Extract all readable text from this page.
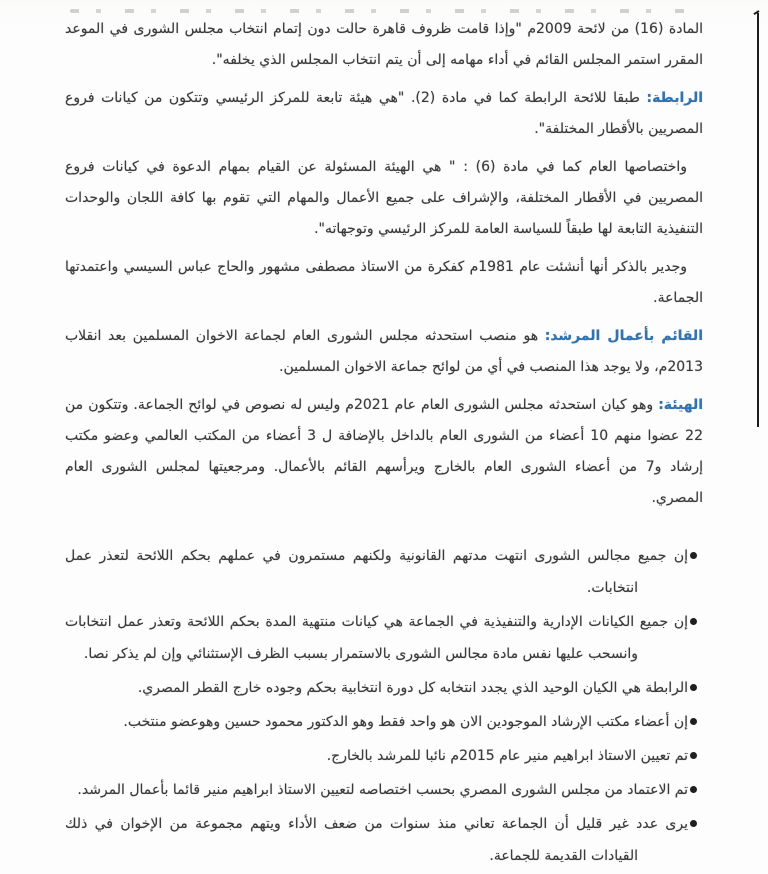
المادة (16) من لائحة 2009م "وإذا قامت ظروف قاهرة حالت دون إتمام انتخاب مجلس الشورى في الموعد المقرر استمر المجلس القائم في أداء مهامه إلى أن يتم انتخاب المجلس الذي يخلفه".

الرابطة:طبقا للائحة الرابطة كما في مادة (2). "هي هيئة تابعة للمركز الرئيسي وتتكون من كيانات فروع المصريين بالأقطار المختلفة".

واختصاصها العام كما في مادة (6) : " هي الهيئة المسئولة عن القيام بمهام الدعوة في كيانات فروع المصريين في الأقطار المختلفة، والإشراف على جميع الأعمال والمهام التي تقوم بها كافة اللجان والوحدات التنفيذية التابعة لها طبقاً للسياسة العامة للمركز الرئيسي وتوجهاته".

وجدير بالذكر أنها أنشئت عام 1981م كفكرة من الاستاذ مصطفى مشهور والحاج عباس السيسي واعتمدتها الجماعة.

القائم بأعمال المرشد:هو منصب استحدثه مجلس الشورى العام لجماعة الاخوان المسلمين بعد انقلاب 2013م، ولا يوجد هذا المنصب في أي من لوائح جماعة الاخوان المسلمين.

الهيئة:وهو كيان استحدثه مجلس الشورى العام عام 2021م وليس له نصوص في لوائح الجماعة. وتتكون من 22 عضوا منهم 10 أعضاء من الشورى العام بالداخل بالإضافة ل 3 أعضاء من المكتب العالمي وعضو مكتب إرشاد و7 من أعضاء الشورى العام بالخارج ويرأسهم القائم بالأعمال. ومرجعيتها لمجلس الشورى العام المصري.

إن جميع مجالس الشورى انتهت مدتهم القانونية ولكنهم مستمرون في عملهم بحكم اللائحة لتعذر عمل انتخابات.
إن جميع الكيانات الإدارية والتنفيذية في الجماعة هي كيانات منتهية المدة بحكم اللائحة وتعذر عمل انتخابات وانسحب عليها نفس مادة مجالس الشورى بالاستمرار بسبب الظرف الإستثنائي وإن لم يذكر نصا.
الرابطة هي الكيان الوحيد الذي يجدد انتخابه كل دورة انتخابية بحكم وجوده خارج القطر المصري.
إن أعضاء مكتب الإرشاد الموجودين الان هو واحد فقط وهو الدكتور محمود حسين وهوعضو منتخب.
تم تعيين الاستاذ ابراهيم منير عام 2015م نائبا للمرشد بالخارج.
تم الاعتماد من مجلس الشورى المصري بحسب اختصاصه لتعيين الاستاذ ابراهيم منير قائما بأعمال المرشد.
يرى عدد غير قليل أن الجماعة تعاني منذ سنوات من ضعف الأداء ويتهم مجموعة من الإخوان في ذلك القيادات القديمة للجماعة.
